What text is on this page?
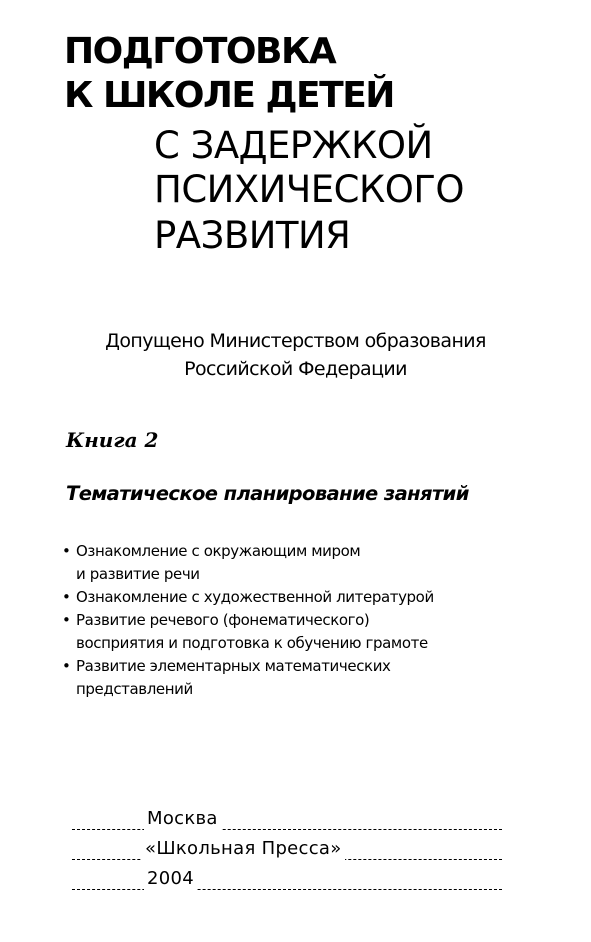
ПОДГОТОВКА
К ШКОЛЕ ДЕТЕЙ
С ЗАДЕРЖКОЙ
ПСИХИЧЕСКОГО
РАЗВИТИЯ
Допущено Министерством образования
Российской Федерации
Книга 2
Тематическое планирование занятий
• Ознакомление с окружающим миром
и развитие речи
• Ознакомление с художественной литературой
• Развитие речевого (фонематического)
восприятия и подготовка к обучению грамоте
• Развитие элементарных математических
представлений
Москва
«Школьная Пресса»
2004
